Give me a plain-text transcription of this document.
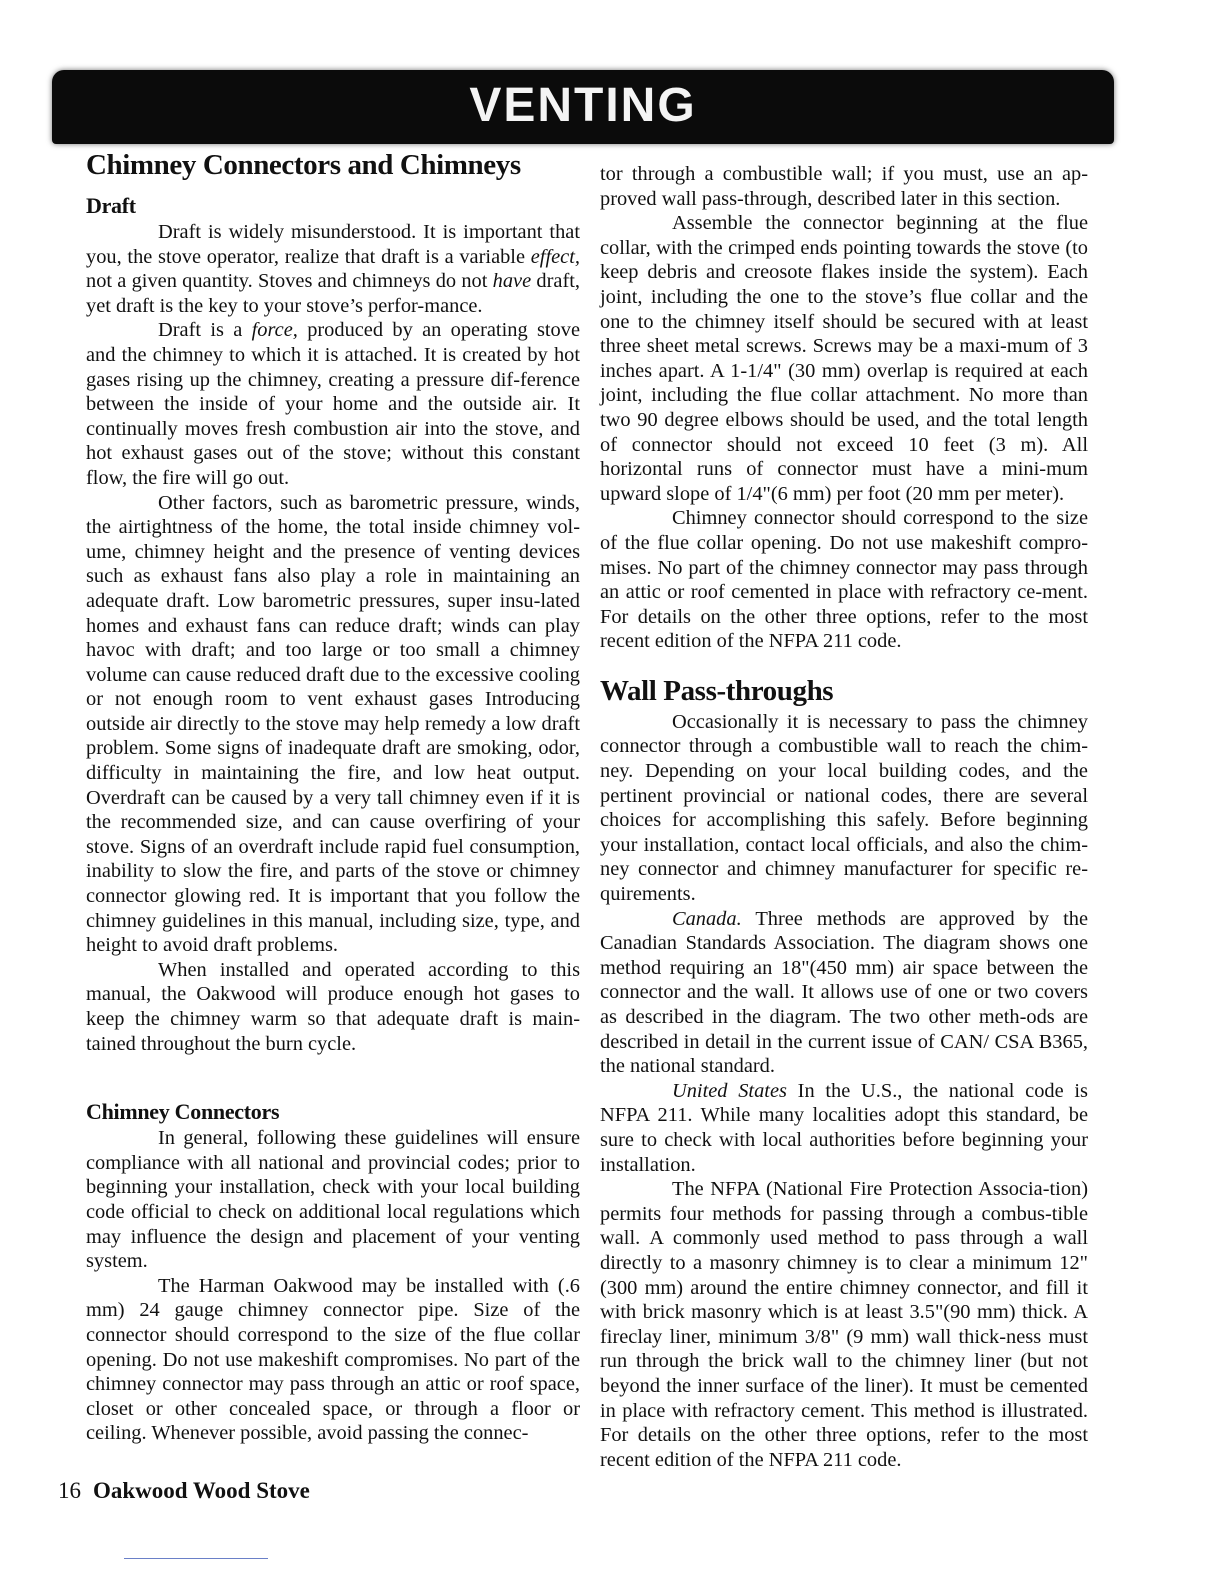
VENTING
Chimney Connectors and Chimneys
Draft

Draft is widely misunderstood. It is important that you, the stove operator, realize that draft is a variable effect, not a given quantity. Stoves and chimneys do not have draft, yet draft is the key to your stove’s perfor-mance.

Draft is a force, produced by an operating stove and the chimney to which it is attached. It is created by hot gases rising up the chimney, creating a pressure dif-ference between the inside of your home and the outside air. It continually moves fresh combustion air into the stove, and hot exhaust gases out of the stove; without this constant flow, the fire will go out.

Other factors, such as barometric pressure, winds, the airtightness of the home, the total inside chimney vol-ume, chimney height and the presence of venting devices such as exhaust fans also play a role in maintaining an adequate draft. Low barometric pressures, super insu-lated homes and exhaust fans can reduce draft; winds can play havoc with draft; and too large or too small a chimney volume can cause reduced draft due to the excessive cooling or not enough room to vent exhaust gases Introducing outside air directly to the stove may help remedy a low draft problem. Some signs of inadequate draft are smoking, odor, difficulty in maintaining the fire, and low heat output. Overdraft can be caused by a very tall chimney even if it is the recommended size, and can cause overfiring of your stove. Signs of an overdraft include rapid fuel consumption, inability to slow the fire, and parts of the stove or chimney connector glowing red. It is important that you follow the chimney guidelines in this manual, including size, type, and height to avoid draft problems.

When installed and operated according to this manual, the Oakwood will produce enough hot gases to keep the chimney warm so that adequate draft is main-tained throughout the burn cycle.

Chimney Connectors

In general, following these guidelines will ensure compliance with all national and provincial codes; prior to beginning your installation, check with your local building code official to check on additional local regulations which may influence the design and placement of your venting system.

The Harman Oakwood may be installed with (.6 mm) 24 gauge chimney connector pipe. Size of the connector should correspond to the size of the flue collar opening. Do not use makeshift compromises. No part of the chimney connector may pass through an attic or roof space, closet or other concealed space, or through a floor or ceiling. Whenever possible, avoid passing the connec-

tor through a combustible wall; if you must, use an ap-proved wall pass-through, described later in this section.

Assemble the connector beginning at the flue collar, with the crimped ends pointing towards the stove (to keep debris and creosote flakes inside the system). Each joint, including the one to the stove’s flue collar and the one to the chimney itself should be secured with at least three sheet metal screws. Screws may be a maxi-mum of 3 inches apart. A 1-1/4" (30 mm) overlap is required at each joint, including the flue collar attachment. No more than two 90 degree elbows should be used, and the total length of connector should not exceed 10 feet (3 m). All horizontal runs of connector must have a mini-mum upward slope of 1/4"(6 mm) per foot (20 mm per meter).

Chimney connector should correspond to the size of the flue collar opening. Do not use makeshift compro-mises. No part of the chimney connector may pass through an attic or roof cemented in place with refractory ce-ment. For details on the other three options, refer to the most recent edition of the NFPA 211 code.

Wall Pass-throughs

Occasionally it is necessary to pass the chimney connector through a combustible wall to reach the chim-ney. Depending on your local building codes, and the pertinent provincial or national codes, there are several choices for accomplishing this safely. Before beginning your installation, contact local officials, and also the chim-ney connector and chimney manufacturer for specific re-quirements.

Canada. Three methods are approved by the Canadian Standards Association. The diagram shows one method requiring an 18"(450 mm) air space between the connector and the wall. It allows use of one or two covers as described in the diagram. The two other meth-ods are described in detail in the current issue of CAN/ CSA B365, the national standard.

United States In the U.S., the national code is NFPA 211. While many localities adopt this standard, be sure to check with local authorities before beginning your installation.

The NFPA (National Fire Protection Associa-tion) permits four methods for passing through a combus-tible wall. A commonly used method to pass through a wall directly to a masonry chimney is to clear a minimum 12"(300 mm) around the entire chimney connector, and fill it with brick masonry which is at least 3.5"(90 mm) thick. A fireclay liner, minimum 3/8" (9 mm) wall thick-ness must run through the brick wall to the chimney liner (but not beyond the inner surface of the liner). It must be cemented in place with refractory cement. This method is illustrated. For details on the other three options, refer to the most recent edition of the NFPA 211 code.

16 Oakwood Wood Stove
